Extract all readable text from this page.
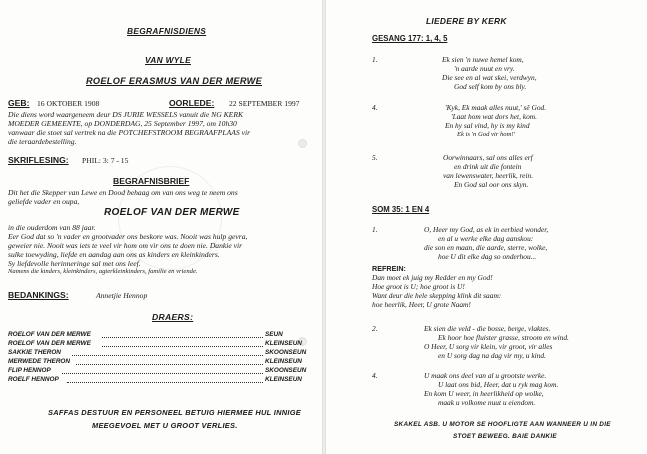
BEGRAFNISDIENS
VAN WYLE
ROELOF ERASMUS VAN DER MERWE
GEB: 16 OKTOBER 1908	OORLEDE: 22 SEPTEMBER 1997
Die diens word waargeneem deur DS JURIE WESSELS vanuit die NG KERK
MOEDER GEMEENTE, op DONDERDAG, 25 September 1997, om 10h30
vanwaar die stoet sal vertrek na die POTCHEFSTROOM BEGRAAFPLAAS vir
die teraardebestelling.
SKRIFLESING: PHIL: 3: 7 - 15
BEGRAFNISBRIEF
Dit het die Skepper van Lewe en Dood behaag om van ons weg te neem ons
geliefde vader en oupa,
ROELOF VAN DER MERWE
in die ouderdom van 88 jaar.
Eer God dat so 'n vader en grootvader ons beskore was. Nooit was hulp gevra,
geweier nie. Nooit was iets te veel vir hom om vir ons te doen nie. Dankie vir
sulke toewyding, liefde en aandag aan ons as kinders en kleinkinders.
Sy liefdevolle herinneringe sal met ons leef.
Namens die kinders, kleinkinders, agterkleinkinders, familie en vriende.
BEDANKINGS:	Annetjie Hennop
DRAERS:
ROELOF VAN DER MERWE	SEUN
ROELOF VAN DER MERWE	KLEINSEUN
SAKKIE THERON	SKOONSEUN
MERWEDE THERON	KLEINSEUN
FLIP HENNOP	SKOONSEUN
ROELF HENNOP	KLEINSEUN
SAFFAS DESTUUR EN PERSONEEL BETUIG HIERMEE HUL INNIGE
MEEGEVOEL MET U GROOT VERLIES.
LIEDERE BY KERK
GESANG 177: 1, 4, 5
1.	Ek sien 'n nuwe hemel kom,
'n aarde nuut en vry.
Die see en al wat skei, verdwyn,
God self kom by ons bly.
4.	'Kyk, Ek maak alles nuut,' sê God.
'Laat hom wat dors het, kom.
En hy sal vind, hy is my kind
Ek is 'n God vir hom!'
5.	Oorwinnaars, sal ons alles erf
en drink uit die fontein
van lewenswater, heerlik, rein.
En God sal oor ons skyn.
SOM 35: 1 EN 4
1.	O, Heer my God, as ek in eerbied wonder,
en al u werke elke dag aanskou:
die son en maan, die aarde, sterre, wolke,
hoe U dit elke dag so onderhou...
REFREIN:
Dan moet ek juig my Redder en my God!
Hoe groot is U; hoe groot is U!
Want deur die hele skepping klink dit saam:
hoe heerlik, Heer, U grote Naam!
2.	Ek sien die veld - die bosse, berge, vlaktes.
Ek hoor hoe fluister grasse, stroom en wind.
O Heer, U sorg vir klein, vir groot, vir alles
en U sorg dag na dag vir my, u kind.
4.	U maak ons deel van al u grootste werke.
U laat ons bid, Heer, dat u ryk mag kom.
En kom U weer, in heerlikheid op wolke,
maak u volkome nuut u eiendom.
SKAKEL ASB. U MOTOR SE HOOFLIGTE AAN WANNEER U IN DIE
STOET BEWEEG. BAIE DANKIE
